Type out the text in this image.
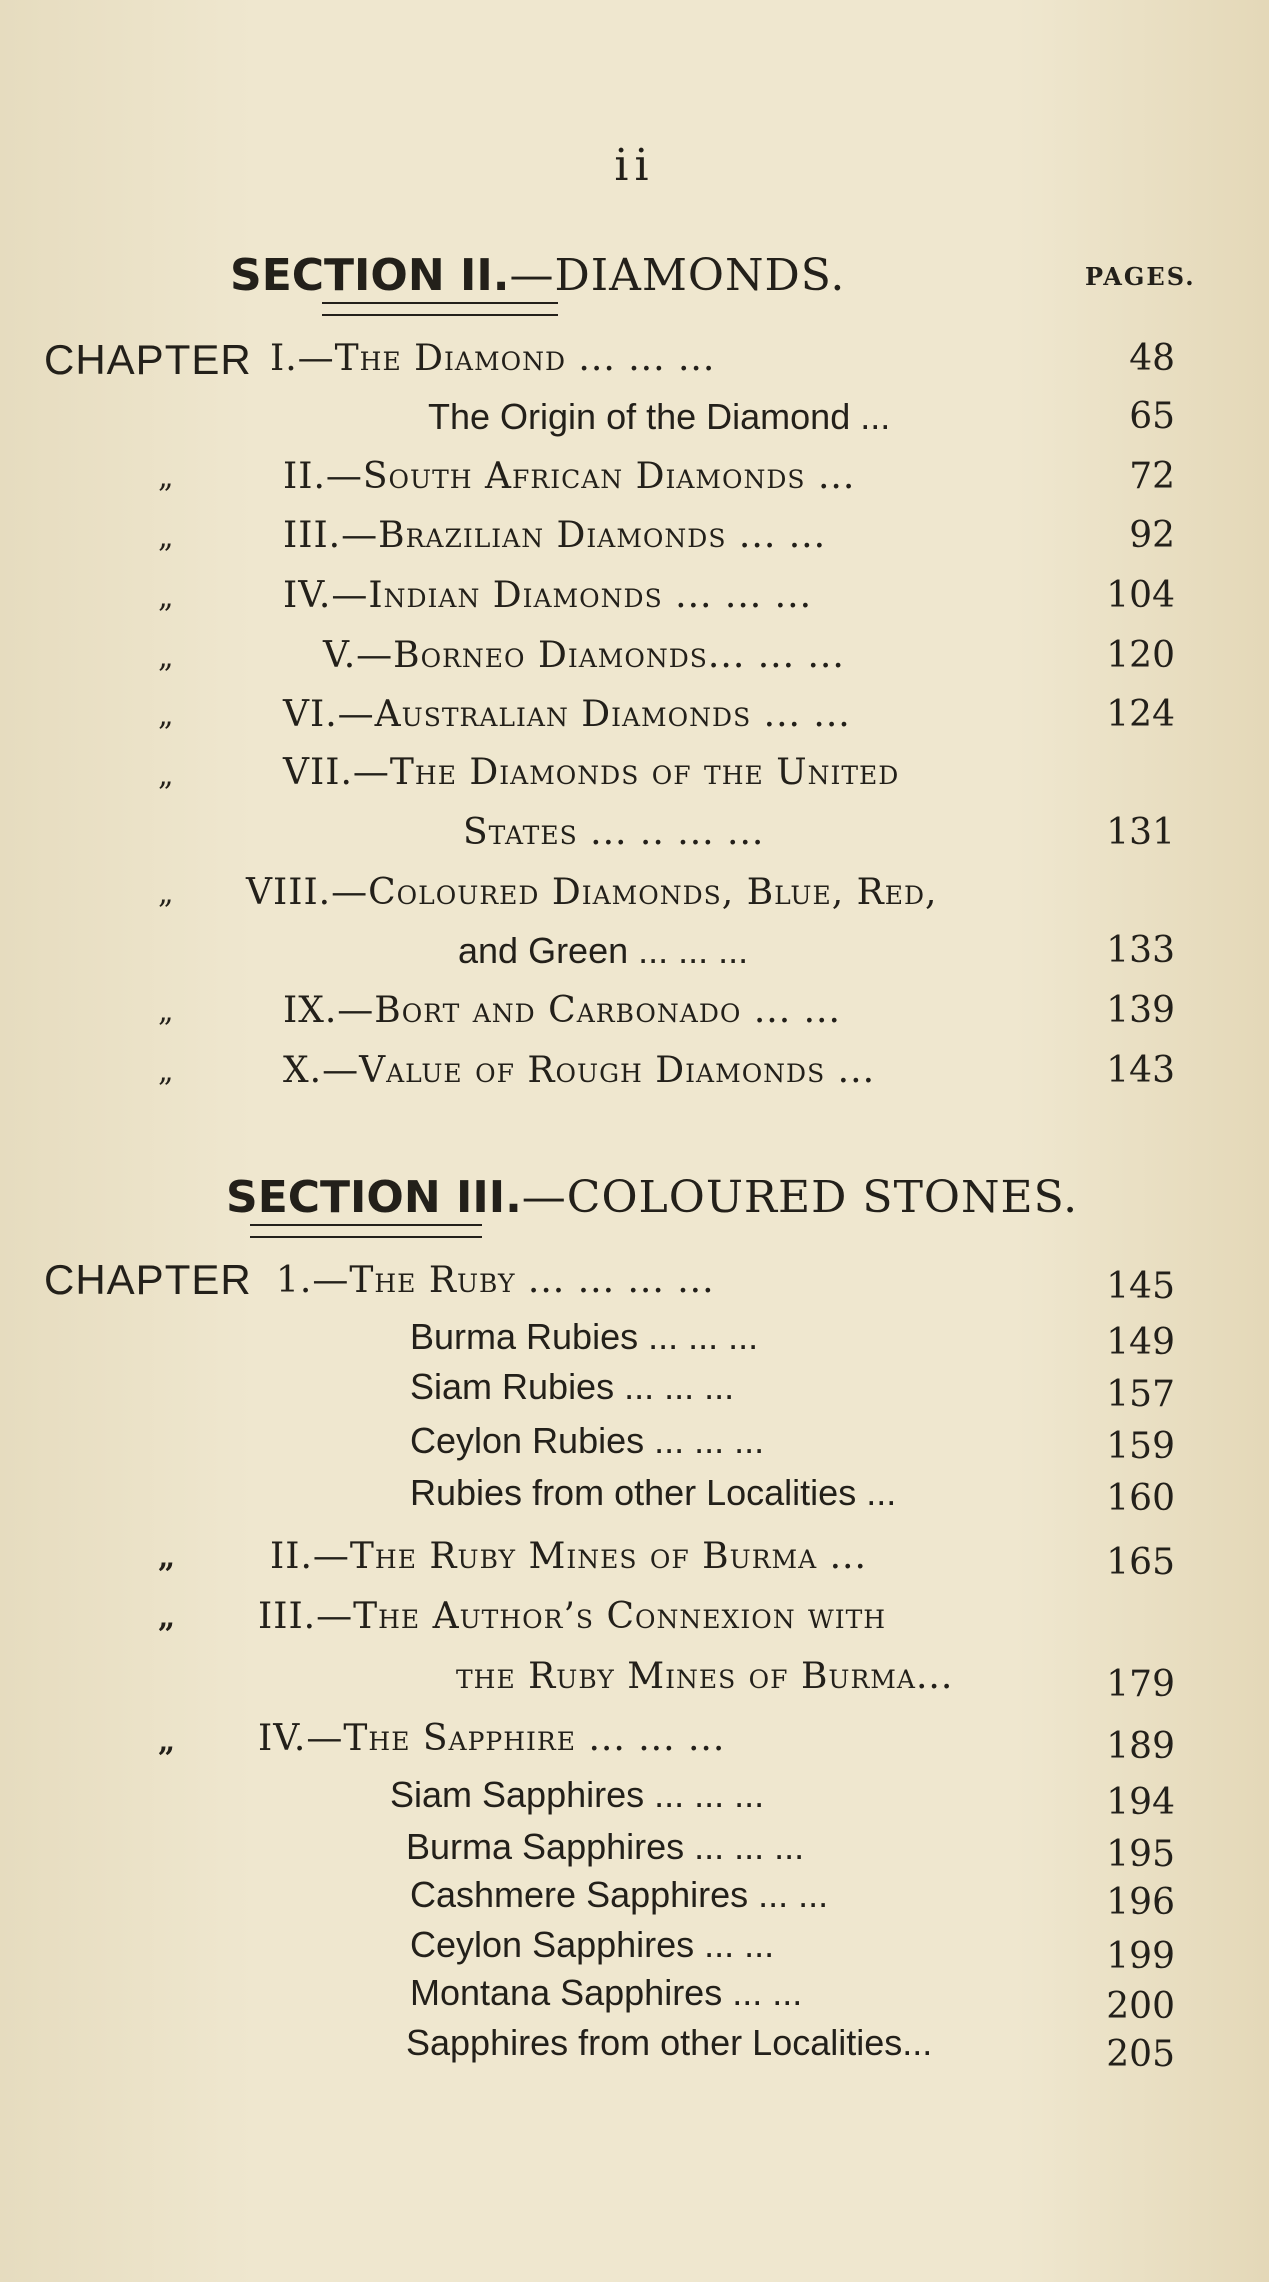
ii
SECTION II.—DIAMONDS.	PAGES.
CHAPTER I.—The Diamond ... ... ...	48
The Origin of the Diamond ...	65
„	II.—South African Diamonds ...	72
„	III.—Brazilian Diamonds ... ...	92
„	IV.—Indian Diamonds ... ... ...	104
„	V.—Borneo Diamonds... ... ...	120
„	VI.—Australian Diamonds ... ...	124
„	VII.—The Diamonds of the United
States ... .. ... ...	131
„ VIII.—Coloured Diamonds, Blue, Red,
and Green ... ... ...	133
„	IX.—Bort and Carbonado ... ...	139
„	X.—Value of Rough Diamonds ...	143
SECTION III.—COLOURED STONES.
CHAPTER 1.—The Ruby ... ... ... ...	145
Burma Rubies ... ... ...	149
Siam Rubies ... ... ...	157
Ceylon Rubies ... ... ...	159
Rubies from other Localities ...	160
„	II.—The Ruby Mines of Burma ...	165
„ III.—The Author’s Connexion with
the Ruby Mines of Burma...	179
„ IV.—The Sapphire ... ... ...	189
Siam Sapphires ... ... ...	194
Burma Sapphires ... ... ...	195
Cashmere Sapphires ... ...	196
Ceylon Sapphires ... ...	199
Montana Sapphires ... ...	200
Sapphires from other Localities...	205
